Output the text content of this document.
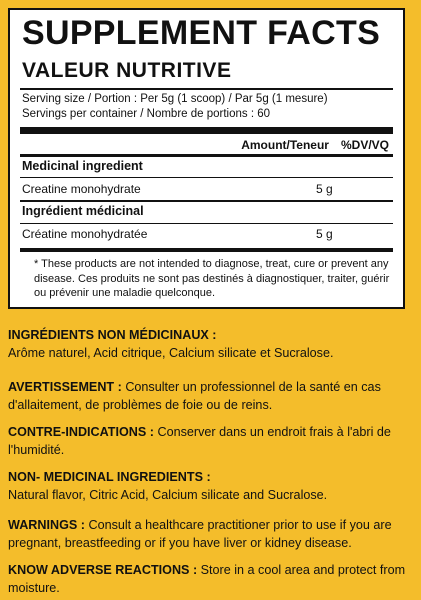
SUPPLEMENT FACTS
VALEUR NUTRITIVE
Serving size / Portion : Per 5g (1 scoop) / Par 5g (1 mesure)
Servings per container / Nombre de portions : 60
Amount/Teneur %DV/VQ
Medicinal ingredient
Creatine monohydrate	5 g
Ingrédient médicinal
Créatine monohydratée	5 g
* These products are not intended to diagnose, treat, cure or prevent any disease. Ces produits ne sont pas destinés à diagnostiquer, traiter, guérir ou prévenir une maladie quelconque.
INGRÉDIENTS NON MÉDICINAUX :
Arôme naturel, Acid citrique, Calcium silicate et Sucralose.
AVERTISSEMENT : Consulter un professionnel de la santé en cas d'allaitement, de problèmes de foie ou de reins.
CONTRE-INDICATIONS : Conserver dans un endroit frais à l'abri de l'humidité.
NON- MEDICINAL INGREDIENTS :
Natural flavor, Citric Acid, Calcium silicate and Sucralose.
WARNINGS : Consult a healthcare practitioner prior to use if you are pregnant, breastfeeding or if you have liver or kidney disease.
KNOW ADVERSE REACTIONS : Store in a cool area and protect from moisture.
